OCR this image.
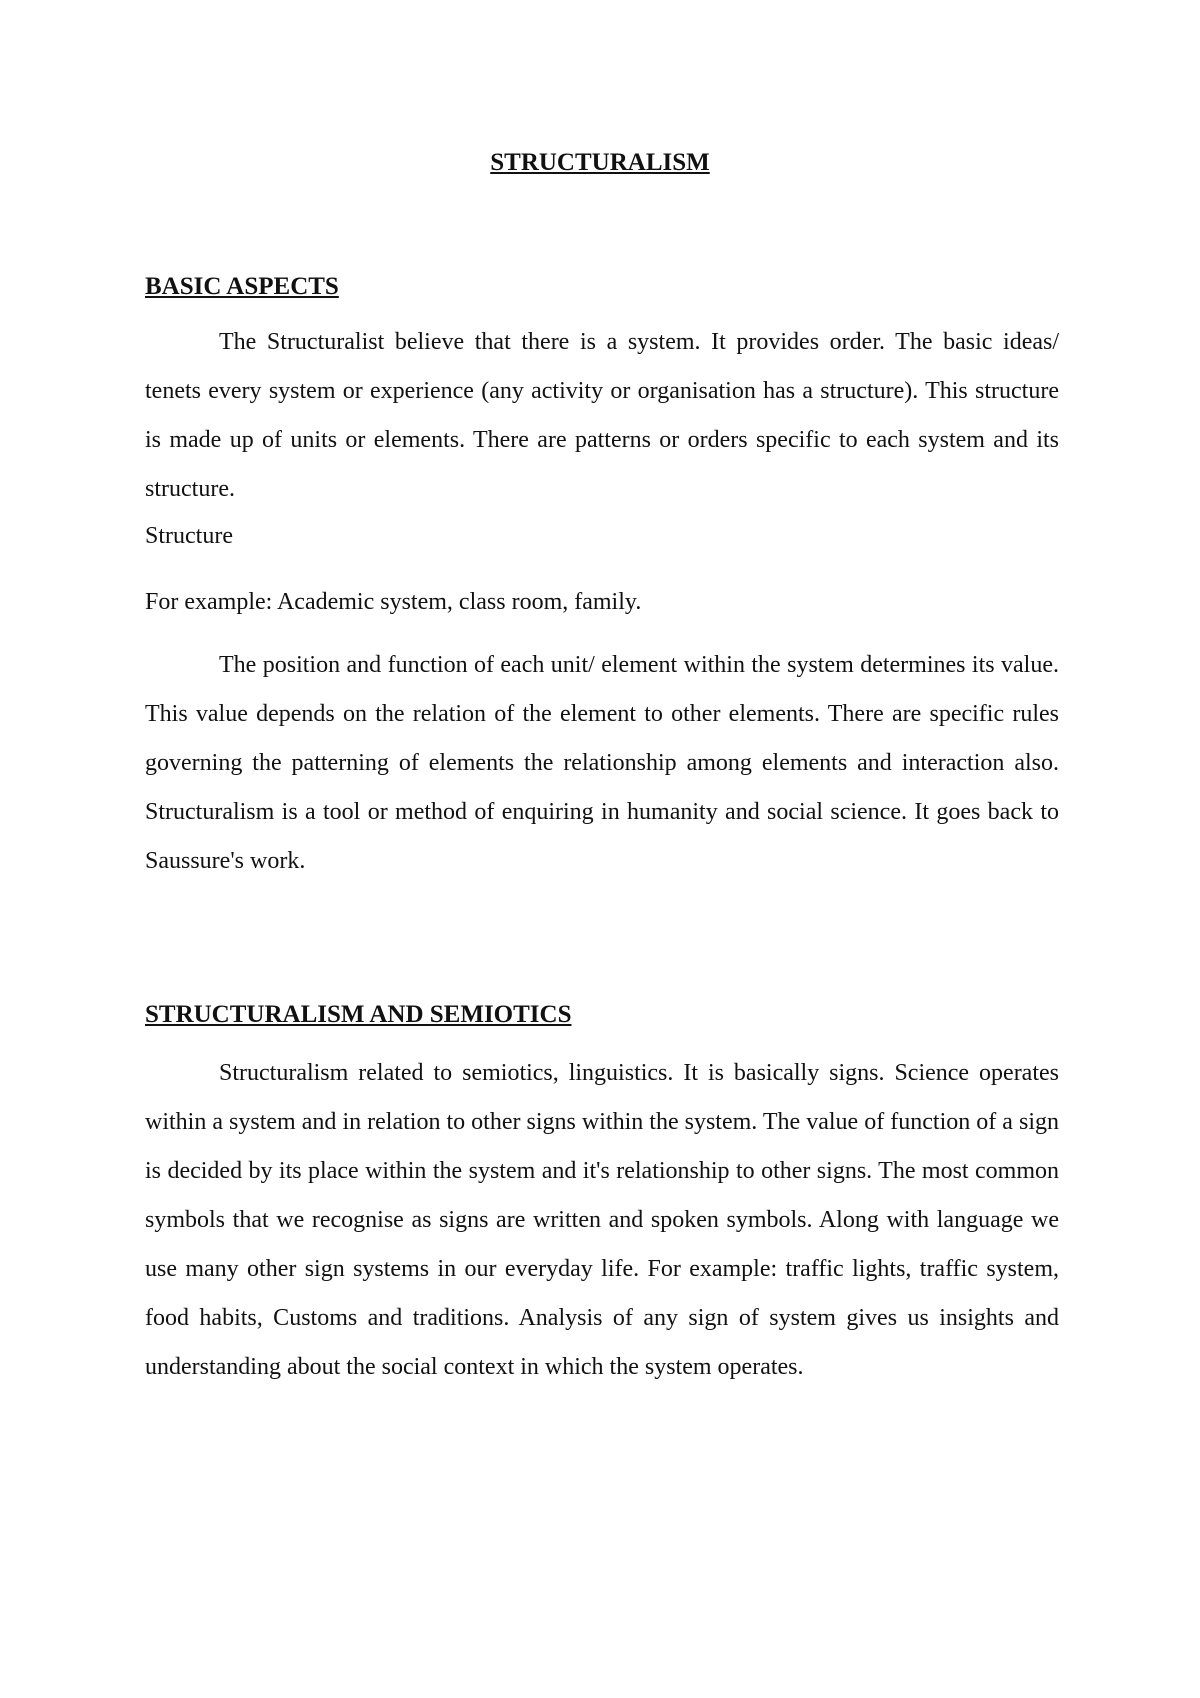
STRUCTURALISM
BASIC ASPECTS

The Structuralist believe that there is a system. It provides order. The basic ideas/ tenets every system or experience (any activity or organisation has a structure). This structure is made up of units or elements. There are patterns or orders specific to each system and its structure.

Structure

For example: Academic system, class room, family.

The position and function of each unit/ element within the system determines its value. This value depends on the relation of the element to other elements. There are specific rules governing the patterning of elements the relationship among elements and interaction also. Structuralism is a tool or method of enquiring in humanity and social science. It goes back to Saussure's work.

STRUCTURALISM AND SEMIOTICS

Structuralism related to semiotics, linguistics. It is basically signs. Science operates within a system and in relation to other signs within the system. The value of function of a sign is decided by its place within the system and it's relationship to other signs. The most common symbols that we recognise as signs are written and spoken symbols. Along with language we use many other sign systems in our everyday life. For example: traffic lights, traffic system, food habits, Customs and traditions. Analysis of any sign of system gives us insights and understanding about the social context in which the system operates.
